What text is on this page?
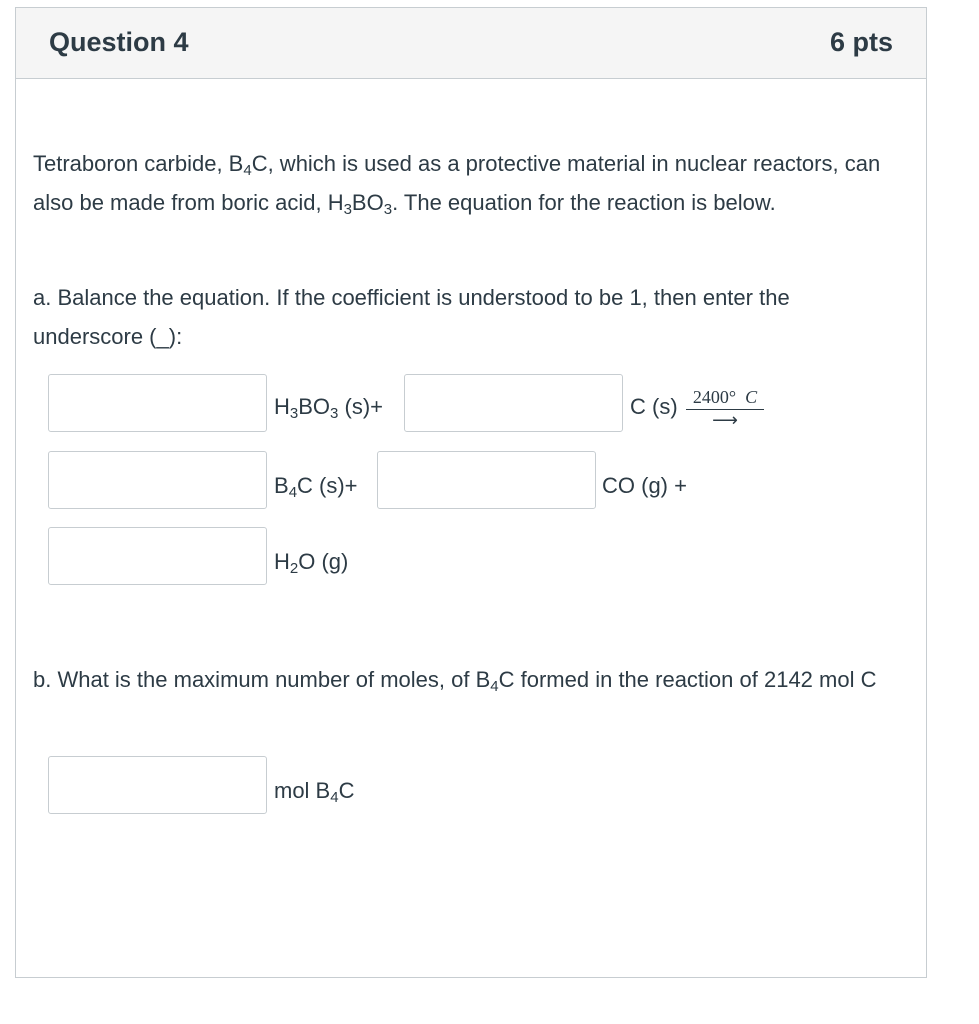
Question 4	6 pts
Tetraboron carbide, $B_4C$, which is used as a protective material in nuclear reactors, can also be made from boric acid, $H_3BO_3$. The equation for the reaction is below.
a. Balance the equation. If the coefficient is understood to be 1, then enter the underscore (_):
$H_3BO_3$ (s)+	C (s) 2400° C
⟶
$B_4C$ (s)+	CO (g) +
$H_2O$ (g)
b. What is the maximum number of moles, of $B_4C$ formed in the reaction of 2142 mol C
mol $B_4C$
